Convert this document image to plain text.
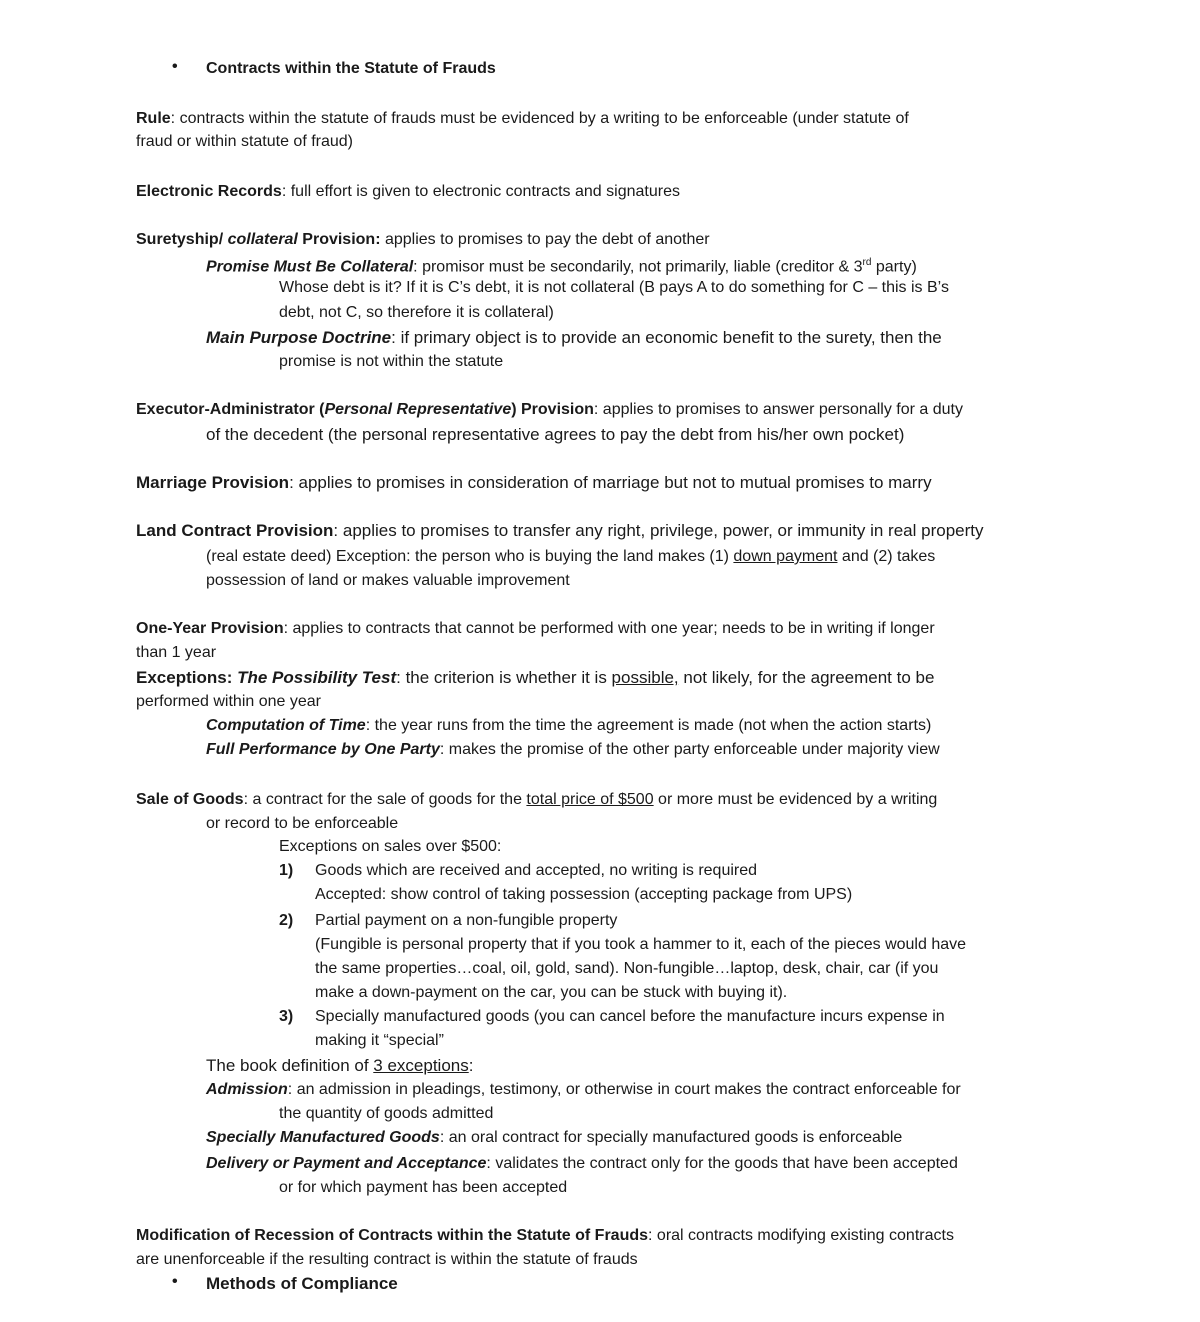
• Contracts within the Statute of Frauds
Rule: contracts within the statute of frauds must be evidenced by a writing to be enforceable (under statute of
fraud or within statute of fraud)
Electronic Records: full effort is given to electronic contracts and signatures
Suretyship/ collateral Provision: applies to promises to pay the debt of another
Promise Must Be Collateral: promisor must be secondarily, not primarily, liable (creditor & 3rd party)
Whose debt is it? If it is C’s debt, it is not collateral (B pays A to do something for C – this is B’s
debt, not C, so therefore it is collateral)
Main Purpose Doctrine: if primary object is to provide an economic benefit to the surety, then the
promise is not within the statute
Executor-Administrator (Personal Representative) Provision: applies to promises to answer personally for a duty
of the decedent (the personal representative agrees to pay the debt from his/her own pocket)
Marriage Provision: applies to promises in consideration of marriage but not to mutual promises to marry
Land Contract Provision: applies to promises to transfer any right, privilege, power, or immunity in real property
(real estate deed) Exception: the person who is buying the land makes (1) down payment and (2) takes
possession of land or makes valuable improvement
One-Year Provision: applies to contracts that cannot be performed with one year; needs to be in writing if longer
than 1 year
Exceptions: The Possibility Test: the criterion is whether it is possible, not likely, for the agreement to be
performed within one year
Computation of Time: the year runs from the time the agreement is made (not when the action starts)
Full Performance by One Party: makes the promise of the other party enforceable under majority view
Sale of Goods: a contract for the sale of goods for the total price of $500 or more must be evidenced by a writing
or record to be enforceable
Exceptions on sales over $500:
1) Goods which are received and accepted, no writing is required
Accepted: show control of taking possession (accepting package from UPS)
2) Partial payment on a non-fungible property
(Fungible is personal property that if you took a hammer to it, each of the pieces would have
the same properties…coal, oil, gold, sand). Non-fungible…laptop, desk, chair, car (if you
make a down-payment on the car, you can be stuck with buying it).
3) Specially manufactured goods (you can cancel before the manufacture incurs expense in
making it “special”
The book definition of 3 exceptions:
Admission: an admission in pleadings, testimony, or otherwise in court makes the contract enforceable for
the quantity of goods admitted
Specially Manufactured Goods: an oral contract for specially manufactured goods is enforceable
Delivery or Payment and Acceptance: validates the contract only for the goods that have been accepted
or for which payment has been accepted
Modification of Recession of Contracts within the Statute of Frauds: oral contracts modifying existing contracts
are unenforceable if the resulting contract is within the statute of frauds
• Methods of Compliance
